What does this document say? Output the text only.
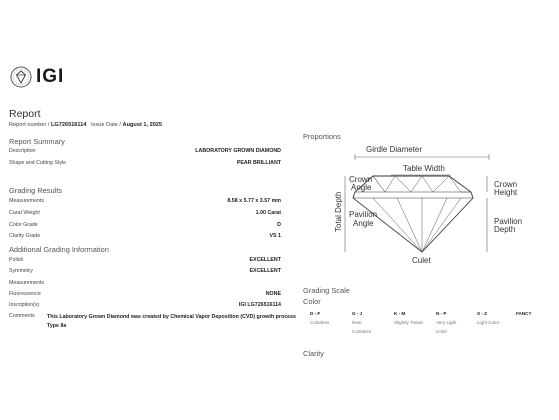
IGI
Report
Report number / LG726516114 Issue Date / August 1, 2025
Report Summary
Description	LABORATORY GROWN DIAMOND
Shape and Cutting Style	PEAR BRILLIANT
Grading Results
Measurements	8.58 x 5.77 x 3.57 mm
Carat Weight	1.00 Carat
Color Grade	D
Clarity Grade	VS 1
Additional Grading Information
Polish	EXCELLENT
Symmetry	EXCELLENT
Measurements
Fluorescence	NONE
Inscription(s)	IGI LG726516114
Comments This Laboratory Grown Diamond was created by Chemical Vapor Deposition (CVD) growth process Type IIa
Proportions
Girdle Diameter
Table Width
Crown
Angle
Pavilion
Angle
Total Depth
Crown
Height
Pavilion
Depth
Culet
Grading Scale
Color
D - F
Colorless
G - J
Near
Colorless
K - M
Slightly Tinted
N - P
Very Light
Color
S - Z
Light Color
FANCY
Clarity
